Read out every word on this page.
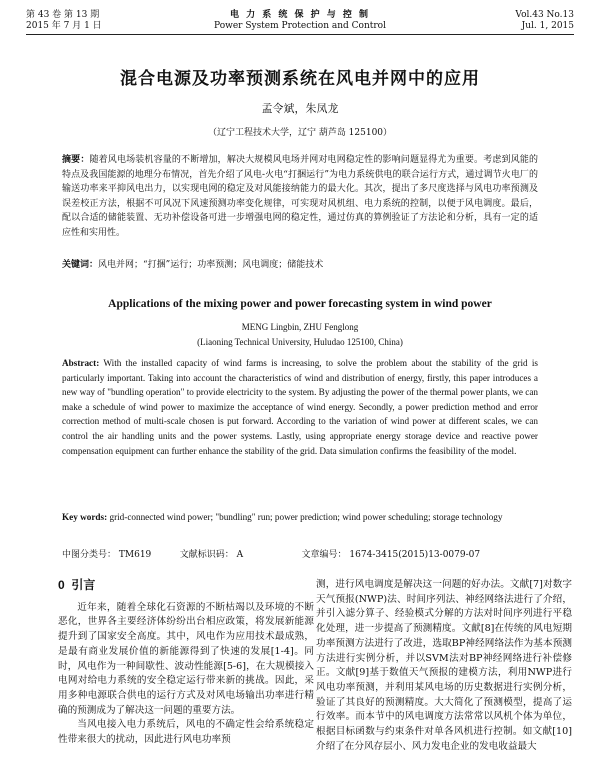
第 43 卷 第 13 期
2015 年 7 月 1 日
电 力 系 统 保 护 与 控 制
Power System Protection and Control
Vol.43 No.13
Jul. 1, 2015
混合电源及功率预测系统在风电并网中的应用
孟令斌，朱凤龙
（辽宁工程技术大学，辽宁 葫芦岛 125100）
摘要：随着风电场装机容量的不断增加，解决大规模风电场并网对电网稳定性的影响问题显得尤为重要。考虑到风能的特点及我国能源的地理分布情况，首先介绍了风电-火电“打捆运行”为电力系统供电的联合运行方式，通过调节火电厂的输送功率来平抑风电出力，以实现电网的稳定及对风能接纳能力的最大化。其次，提出了多尺度选择与风电功率预测及误差校正方法，根据不可风况下风速预测功率变化规律，可实现对风机组、电力系统的控制，以便于风电调度。最后，配以合适的储能装置、无功补偿设备可进一步增强电网的稳定性，通过仿真的算例验证了方法论和分析，具有一定的适应性和实用性。
关键词：风电并网；“打捆”运行；功率预测；风电调度；储能技术
Applications of the mixing power and power forecasting system in wind power
MENG Lingbin, ZHU Fenglong
(Liaoning Technical University, Huludao 125100, China)
Abstract: With the installed capacity of wind farms is increasing, to solve the problem about the stability of the grid is particularly important. Taking into account the characteristics of wind and distribution of energy, firstly, this paper introduces a new way of "bundling operation" to provide electricity to the system. By adjusting the power of the thermal power plants, we can make a schedule of wind power to maximize the acceptance of wind energy. Secondly, a power prediction method and error correction method of multi-scale chosen is put forward. According to the variation of wind power at different scales, we can control the air handling units and the power systems. Lastly, using appropriate energy storage device and reactive power compensation equipment can further enhance the stability of the grid. Data simulation confirms the feasibility of the model.
Key words: grid-connected wind power; "bundling" run; power prediction; wind power scheduling; storage technology
中图分类号： TM619	文献标识码： A	文章编号： 1674-3415(2015)13-0079-07
0 引言

近年来，随着全球化石资源的不断枯竭以及环境的不断恶化，世界各主要经济体纷纷出台相应政策，将发展新能源提升到了国家安全高度。其中，风电作为应用技术最成熟，是最有商业发展价值的新能源得到了快速的发展[1-4]。同时，风电作为一种间歇性、波动性能源[5-6]，在大规模接入电网对给电力系统的安全稳定运行带来新的挑战。因此，采用多种电源联合供电的运行方式及对风电场输出功率进行精确的预测成为了解决这一问题的重要方法。

当风电接入电力系统后，风电的不确定性会给系统稳定性带来很大的扰动，因此进行风电功率预

测，进行风电调度是解决这一问题的好办法。文献[7]对数字天气预报(NWP)法、时间序列法、神经网络法进行了介绍，并引入滤分算子、经验模式分解的方法对时间序列进行平稳化处理，进一步提高了预测精度。文献[8]在传统的风电短期功率预测方法进行了改进，选取BP神经网络法作为基本预测方法进行实例分析，并以SVM法对BP神经网络进行补偿修正。文献[9]基于数值天气预报的建模方法，利用NWP进行风电功率预测，并利用某风电场的历史数据进行实例分析，验证了其良好的预测精度。大大简化了预测模型，提高了运行效率。而本节中的风电调度方法常常以风机个体为单位，根据目标函数与约束条件对单各风机进行控制。如文献[10]介绍了在分风存层小、风力发电企业的发电收益最大
